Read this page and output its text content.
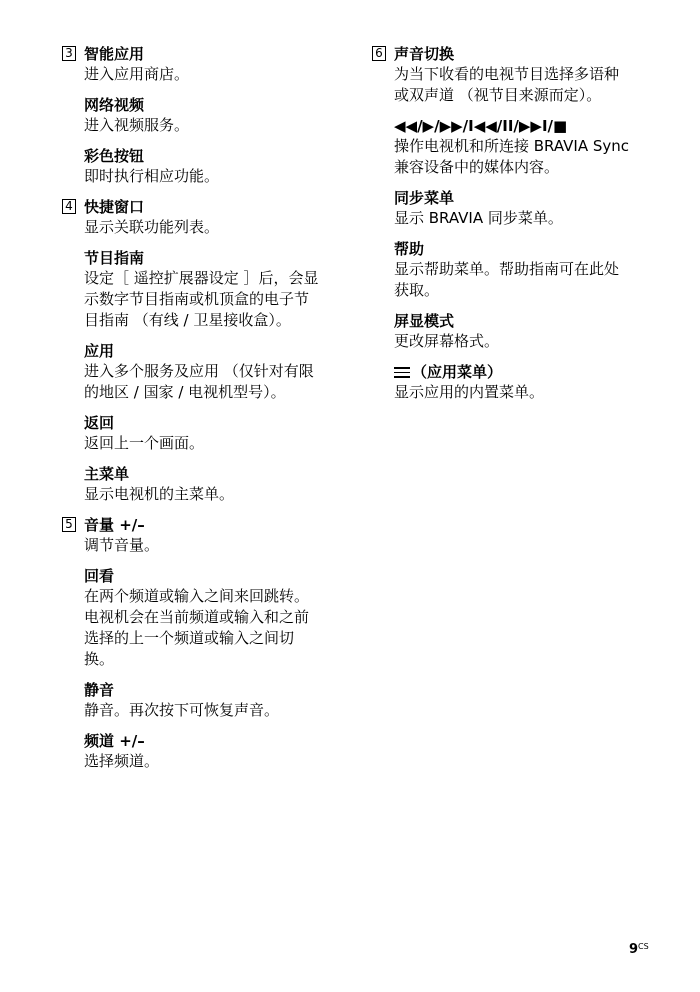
3 智能应用

进入应用商店。

网络视频

进入视频服务。

彩色按钮

即时执行相应功能。

4 快捷窗口

显示关联功能列表。

节目指南

设定［ 遥控扩展器设定 ］后，会显

示数字节目指南或机顶盒的电子节

目指南 （有线 / 卫星接收盒）。

应用

进入多个服务及应用 （仅针对有限

的地区 / 国家 / 电视机型号）。

返回

返回上一个画面。

主菜单

显示电视机的主菜单。

5 音量 +/–

调节音量。

回看

在两个频道或输入之间来回跳转。

电视机会在当前频道或输入和之前

选择的上一个频道或输入之间切

换。

静音

静音。再次按下可恢复声音。

频道 +/–

选择频道。

6 声音切换

为当下收看的电视节目选择多语种

或双声道 （视节目来源而定）。

◀◀/▶/▶▶/I◀◀/II/▶▶I/■

操作电视机和所连接 BRAVIA Sync

兼容设备中的媒体内容。

同步菜单

显示 BRAVIA 同步菜单。

帮助

显示帮助菜单。帮助指南可在此处

获取。

屏显模式

更改屏幕格式。

（应用菜单）

显示应用的内置菜单。

$9^{CS}$
